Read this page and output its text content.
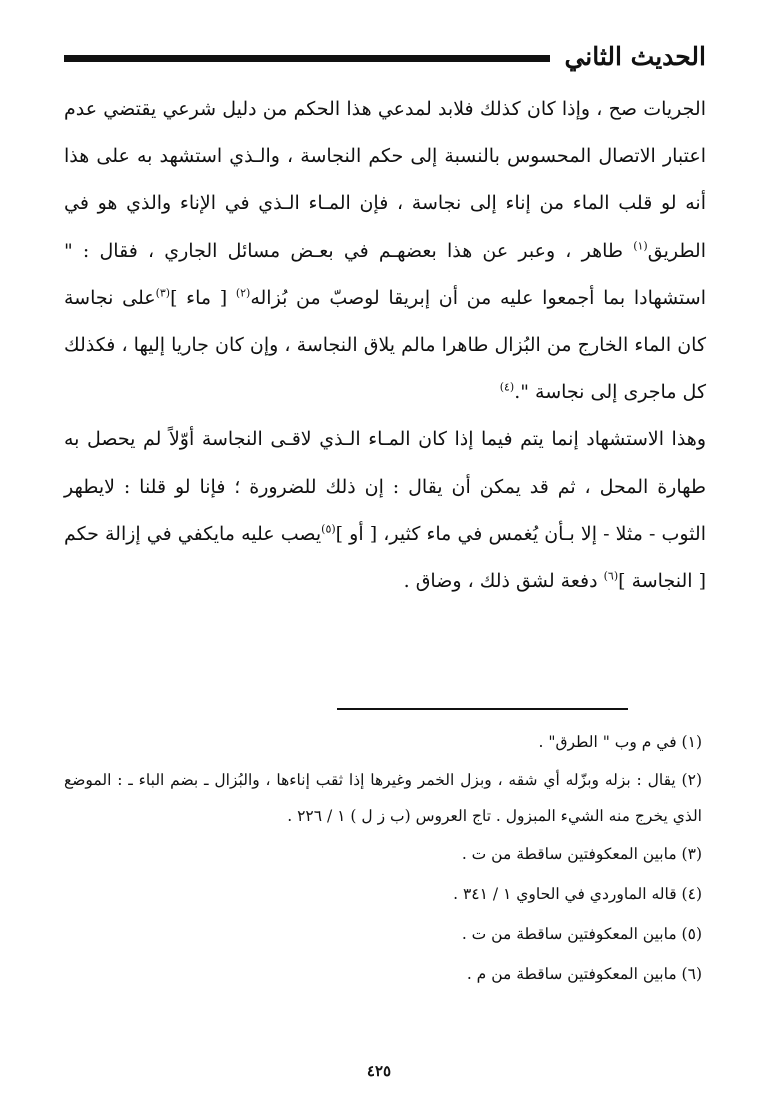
الحديث الثاني

الجريات صح ، وإذا كان كذلك فلابد لمدعي هذا الحكم من دليل شرعي يقتضي عدم اعتبار الاتصال المحسوس بالنسبة إلى حكم النجاسة ، والـذي استشهد به على هذا أنه لو قلب الماء من إناء إلى نجاسة ، فإن المـاء الـذي في الإناء والذي هو في الطريق$^{(١)}$ طاهر ، وعبر عن هذا بعضهـم في بعـض مسائل الجاري ، فقال : " استشهادا بما أجمعوا عليه من أن إبريقا لوصبّ من بُزاله$^{(٢)}$ [ ماء ]$^{(٣)}$على نجاسة كان الماء الخارج من البُزال طاهرا مالم يلاق النجاسة ، وإن كان جاريا إليها ، فكذلك كل ماجرى إلى نجاسة ".$^{(٤)}$

وهذا الاستشهاد إنما يتم فيما إذا كان المـاء الـذي لاقـى النجاسة أوّلاً لم يحصل به طهارة المحل ، ثم قد يمكن أن يقال : إن ذلك للضرورة ؛ فإنا لو قلنا : لايطهر الثوب - مثلا - إلا بـأن يُغمس في ماء كثير، [ أو ]$^{(٥)}$يصب عليه مايكفي في إزالة حكم [ النجاسة ]$^{(٦)}$ دفعة لشق ذلك ، وضاق .

(١) في م وب " الطرق" .

(٢) يقال : بزله وبزّله أي شقه ، وبزل الخمر وغيرها إذا ثقب إناءها ، والبُزال ـ بضم الباء ـ : الموضع الذي يخرج منه الشيء المبزول . تاج العروس (ب ز ل ) ١ / ٢٢٦ .

(٣) مابين المعكوفتين ساقطة من ت .

(٤) قاله الماوردي في الحاوي ١ / ٣٤١ .

(٥) مابين المعكوفتين ساقطة من ت .

(٦) مابين المعكوفتين ساقطة من م .

٤٢٥
